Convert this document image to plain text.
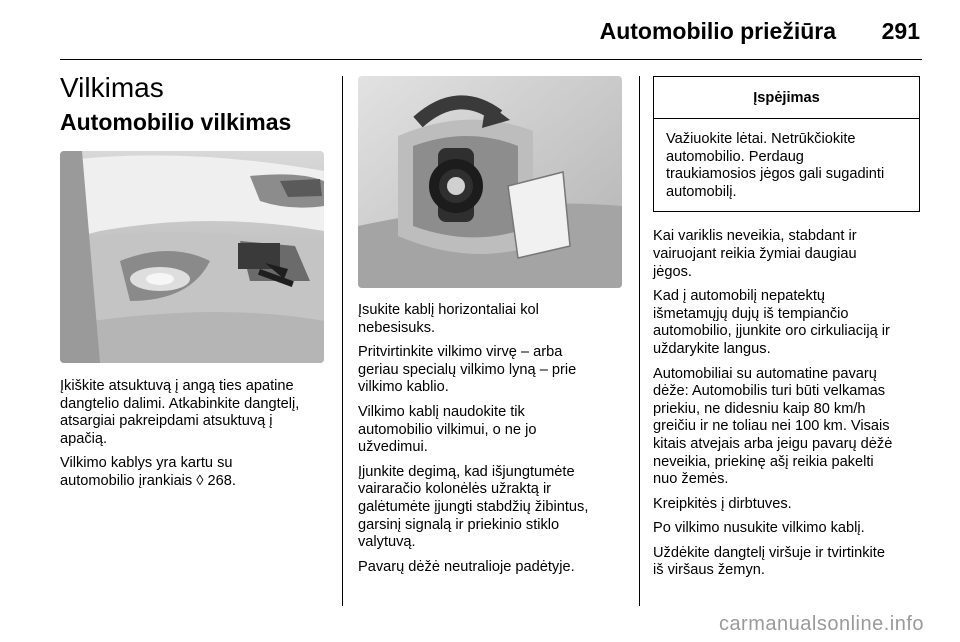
Automobilio priežiūra 291
Vilkimas
Automobilio vilkimas

Įkiškite atsuktuvą į angą ties apatine

dangtelio dalimi. Atkabinkite dangtelį,

atsargiai pakreipdami atsuktuvą į

apačią.

Vilkimo kablys yra kartu su

automobilio įrankiais ◊ 268.

Įsukite kablį horizontaliai kol

nebesisuks.

Pritvirtinkite vilkimo virvę – arba

geriau specialų vilkimo lyną – prie

vilkimo kablio.

Vilkimo kablį naudokite tik

automobilio vilkimui, o ne jo

užvedimui.

Įjunkite degimą, kad išjungtumėte

vairaračio kolonėlės užraktą ir

galėtumėte įjungti stabdžių žibintus,

garsinį signalą ir priekinio stiklo

valytuvą.

Pavarų dėžė neutralioje padėtyje.

Įspėjimas

Važiuokite lėtai. Netrūkčiokite

automobilio. Perdaug

traukiamosios jėgos gali sugadinti

automobilį.

Kai variklis neveikia, stabdant ir

vairuojant reikia žymiai daugiau

jėgos.

Kad į automobilį nepatektų

išmetamųjų dujų iš tempiančio

automobilio, įjunkite oro cirkuliaciją ir

uždarykite langus.

Automobiliai su automatine pavarų

dėže: Automobilis turi būti velkamas

priekiu, ne didesniu kaip 80 km/h

greičiu ir ne toliau nei 100 km. Visais

kitais atvejais arba jeigu pavarų dėžė

neveikia, priekinę ašį reikia pakelti

nuo žemės.

Kreipkitės į dirbtuves.

Po vilkimo nusukite vilkimo kablį.

Uždėkite dangtelį viršuje ir tvirtinkite

iš viršaus žemyn.

carmanualsonline.info
